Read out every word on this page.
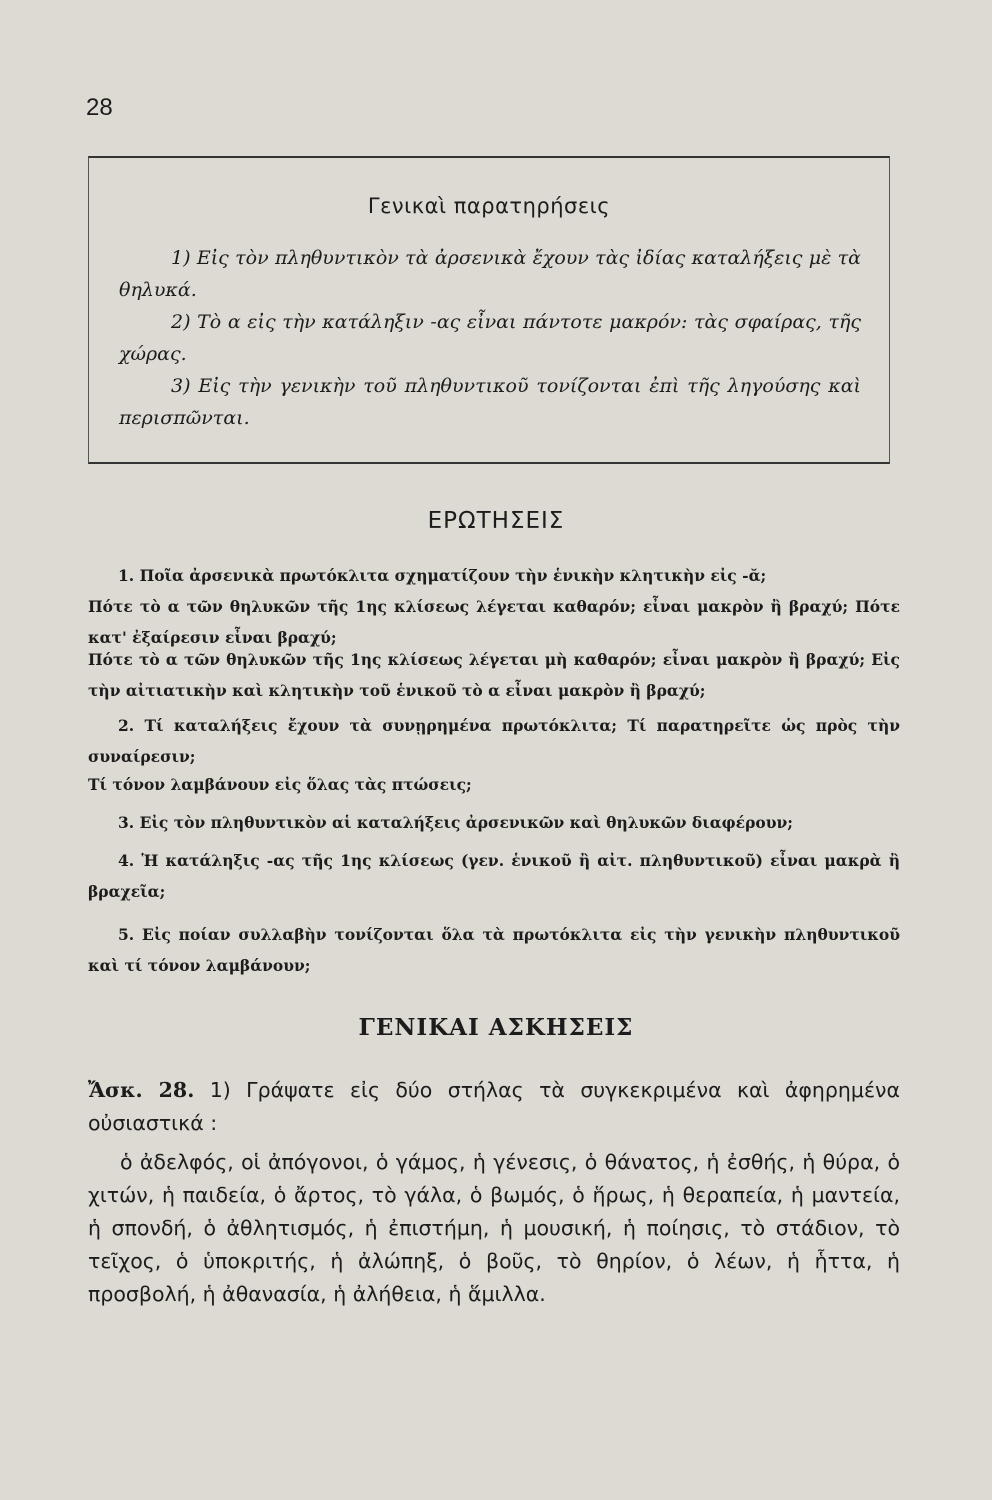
28
Γενικαὶ παρατηρήσεις

1) Εἰς τὸν πληθυντικὸν τὰ ἀρσενικὰ ἔχουν τὰς ἰδίας καταλήξεις μὲ τὰ θηλυκά.

2) Τὸ α εἰς τὴν κατάληξιν -ας εἶναι πάντοτε μακρόν: τὰς σφαίρας, τῆς χώρας.

3) Εἰς τὴν γενικὴν τοῦ πληθυντικοῦ τονίζονται ἐπὶ τῆς ληγούσης καὶ περισπῶνται.

ΕΡΩΤΗΣΕΙΣ

1. Ποῖα ἀρσενικὰ πρωτόκλιτα σχηματίζουν τὴν ἑνικὴν κλητικὴν εἰς -ᾰ;

Πότε τὸ α τῶν θηλυκῶν τῆς 1ης κλίσεως λέγεται καθαρόν; εἶναι μακρὸν ἢ βραχύ; Πότε κατ' ἐξαίρεσιν εἶναι βραχύ;

Πότε τὸ α τῶν θηλυκῶν τῆς 1ης κλίσεως λέγεται μὴ καθαρόν; εἶναι μακρὸν ἢ βραχύ; Εἰς τὴν αἰτιατικὴν καὶ κλητικὴν τοῦ ἑνικοῦ τὸ α εἶναι μακρὸν ἢ βραχύ;

2. Τί καταλήξεις ἔχουν τὰ συνῃρημένα πρωτόκλιτα; Τί παρατηρεῖτε ὡς πρὸς τὴν συναίρεσιν;

Τί τόνον λαμβάνουν εἰς ὅλας τὰς πτώσεις;

3. Εἰς τὸν πληθυντικὸν αἱ καταλήξεις ἀρσενικῶν καὶ θηλυκῶν διαφέρουν;

4. Ἡ κατάληξις -ας τῆς 1ης κλίσεως (γεν. ἑνικοῦ ἢ αἰτ. πληθυντικοῦ) εἶναι μακρὰ ἢ βραχεῖα;

5. Εἰς ποίαν συλλαβὴν τονίζονται ὅλα τὰ πρωτόκλιτα εἰς τὴν γενικὴν πληθυντικοῦ καὶ τί τόνον λαμβάνουν;

ΓΕΝΙΚΑΙ ΑΣΚΗΣΕΙΣ

Ἄσκ. 28. 1) Γράψατε εἰς δύο στήλας τὰ συγκεκριμένα καὶ ἀφηρημένα οὐσιαστικά :

ὁ ἀδελφός, οἱ ἀπόγονοι, ὁ γάμος, ἡ γένεσις, ὁ θάνατος, ἡ ἐσθής, ἡ θύρα, ὁ χιτών, ἡ παιδεία, ὁ ἄρτος, τὸ γάλα, ὁ βωμός, ὁ ἥρως, ἡ θεραπεία, ἡ μαντεία, ἡ σπονδή, ὁ ἀθλητισμός, ἡ ἐπιστήμη, ἡ μουσική, ἡ ποίησις, τὸ στάδιον, τὸ τεῖχος, ὁ ὑποκριτής, ἡ ἀλώπηξ, ὁ βοῦς, τὸ θηρίον, ὁ λέων, ἡ ἧττα, ἡ προσβολή, ἡ ἀθανασία, ἡ ἀλήθεια, ἡ ἅμιλλα.
